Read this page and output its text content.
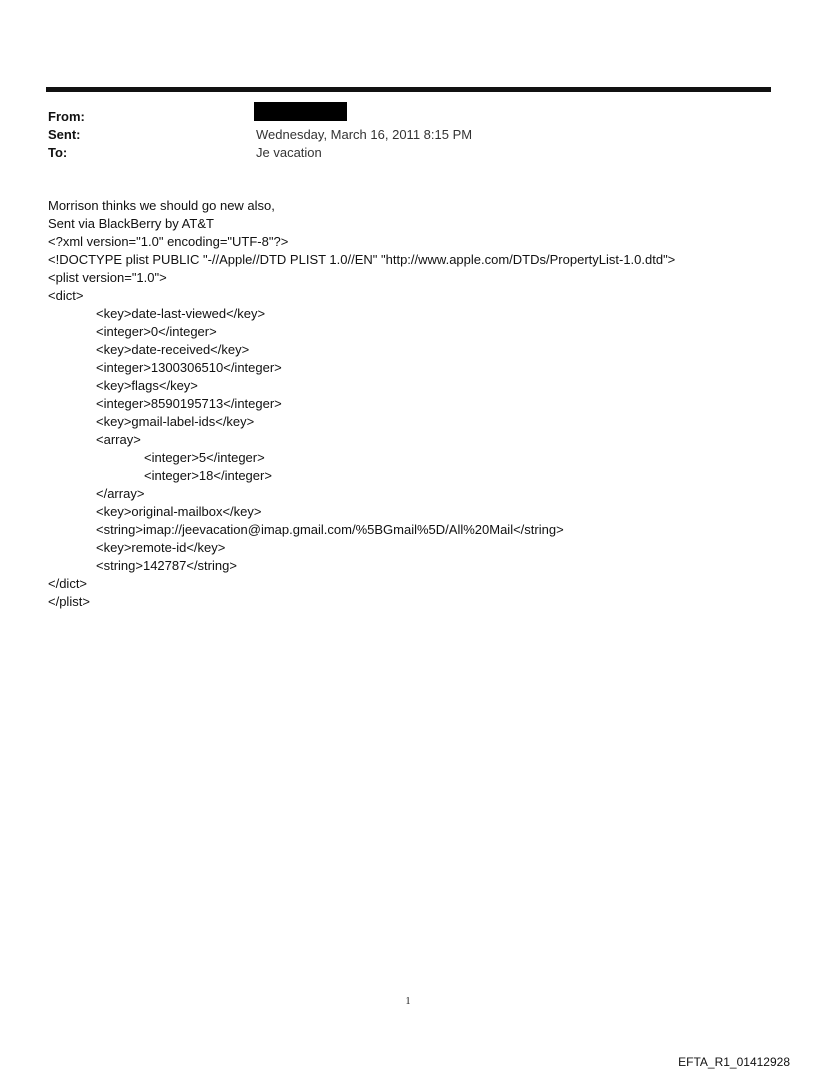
From:
Sent:	Wednesday, March 16, 2011 8:15 PM
To:	Je vacation
Morrison thinks we should go new also,
Sent via BlackBerry by AT&T
<?xml version="1.0" encoding="UTF-8"?>
<!DOCTYPE plist PUBLIC "-//Apple//DTD PLIST 1.0//EN" "http://www.apple.com/DTDs/PropertyList-1.0.dtd">
<plist version="1.0">
<dict>
<key>date-last-viewed</key>
<integer>0</integer>
<key>date-received</key>
<integer>1300306510</integer>
<key>flags</key>
<integer>8590195713</integer>
<key>gmail-label-ids</key>
<array>
<integer>5</integer>
<integer>18</integer>
</array>
<key>original-mailbox</key>
<string>imap://jeevacation@imap.gmail.com/%5BGmail%5D/All%20Mail</string>
<key>remote-id</key>
<string>142787</string>
</dict>
</plist>
1
EFTA_R1_01412928
